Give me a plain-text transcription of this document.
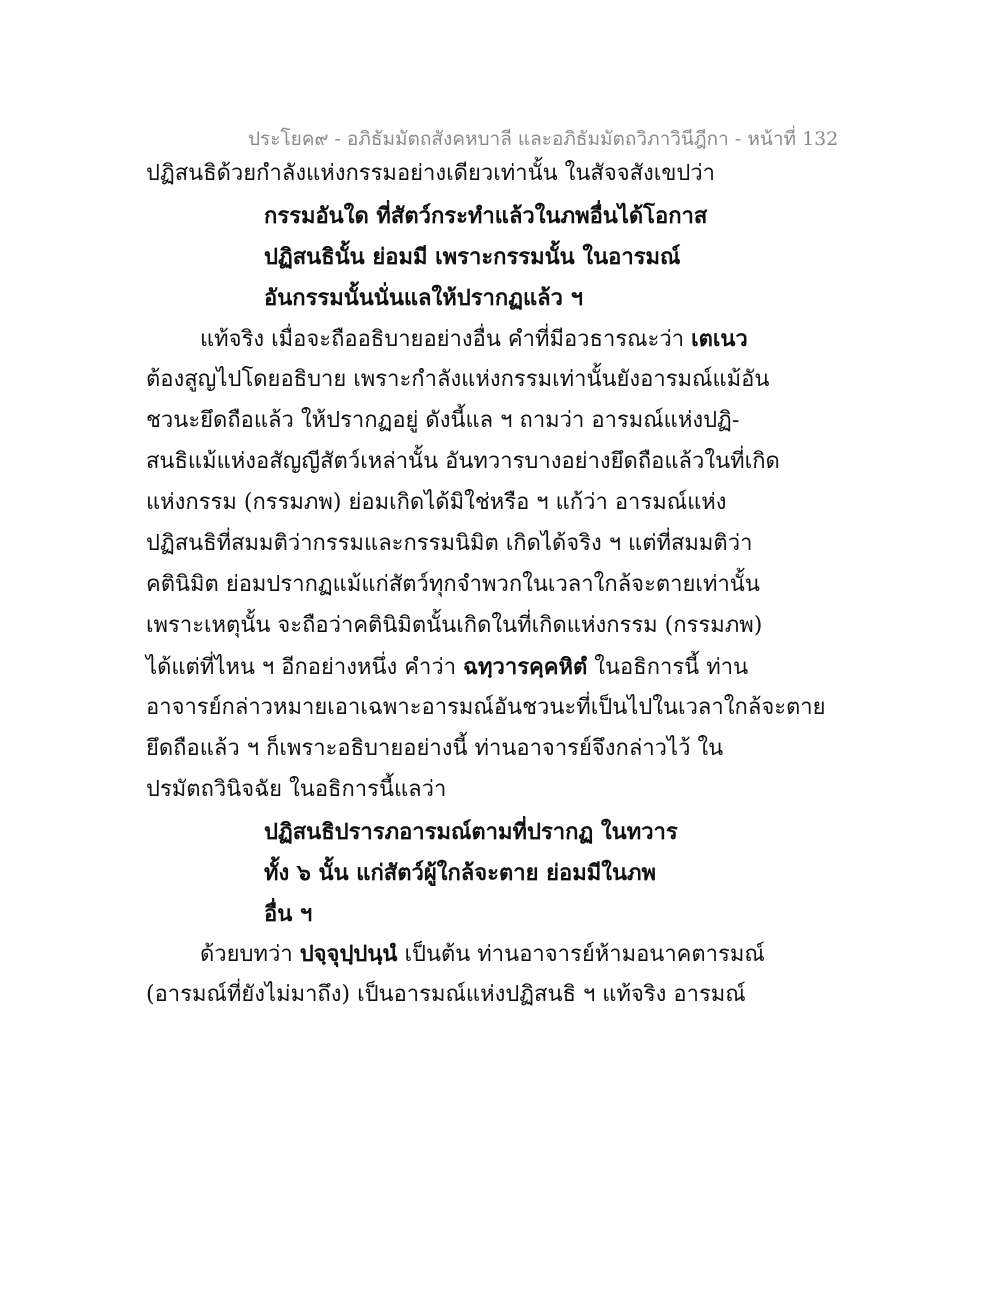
ประโยค๙ - อภิธัมมัตถสังคหบาลี และอภิธัมมัตถวิภาวินีฎีกา - หน้าที่ 132
ปฏิสนธิด้วยกำลังแห่งกรรมอย่างเดียวเท่านั้น ในสัจจสังเขปว่า
กรรมอันใด ที่สัตว์กระทำแล้วในภพอื่นได้โอกาส
ปฏิสนธินั้น ย่อมมี เพราะกรรมนั้น ในอารมณ์
อันกรรมนั้นนั่นแลให้ปรากฏแล้ว ฯ
แท้จริง เมื่อจะถืออธิบายอย่างอื่น คำที่มีอวธารณะว่า เตเนว
ต้องสูญไปโดยอธิบาย เพราะกำลังแห่งกรรมเท่านั้นยังอารมณ์แม้อัน
ชวนะยึดถือแล้ว ให้ปรากฏอยู่ ดังนี้แล ฯ ถามว่า อารมณ์แห่งปฏิ-
สนธิแม้แห่งอสัญญีสัตว์เหล่านั้น อันทวารบางอย่างยึดถือแล้วในที่เกิด
แห่งกรรม (กรรมภพ) ย่อมเกิดได้มิใช่หรือ ฯ แก้ว่า อารมณ์แห่ง
ปฏิสนธิที่สมมติว่ากรรมและกรรมนิมิต เกิดได้จริง ฯ แต่ที่สมมติว่า
คตินิมิต ย่อมปรากฏแม้แก่สัตว์ทุกจำพวกในเวลาใกล้จะตายเท่านั้น
เพราะเหตุนั้น จะถือว่าคตินิมิตนั้นเกิดในที่เกิดแห่งกรรม (กรรมภพ)
ได้แต่ที่ไหน ฯ อีกอย่างหนึ่ง คำว่า ฉทฺวารคฺคหิตํ ในอธิการนี้ ท่าน
อาจารย์กล่าวหมายเอาเฉพาะอารมณ์อันชวนะที่เป็นไปในเวลาใกล้จะตาย
ยึดถือแล้ว ฯ ก็เพราะอธิบายอย่างนี้ ท่านอาจารย์จึงกล่าวไว้ ใน
ปรมัตถวินิจฉัย ในอธิการนี้แลว่า
ปฏิสนธิปรารภอารมณ์ตามที่ปรากฏ ในทวาร
ทั้ง ๖ นั้น แก่สัตว์ผู้ใกล้จะตาย ย่อมมีในภพ
อื่น ฯ
ด้วยบทว่า ปจฺจุปฺปนฺนํ เป็นต้น ท่านอาจารย์ห้ามอนาคตารมณ์
(อารมณ์ที่ยังไม่มาถึง) เป็นอารมณ์แห่งปฏิสนธิ ฯ แท้จริง อารมณ์
